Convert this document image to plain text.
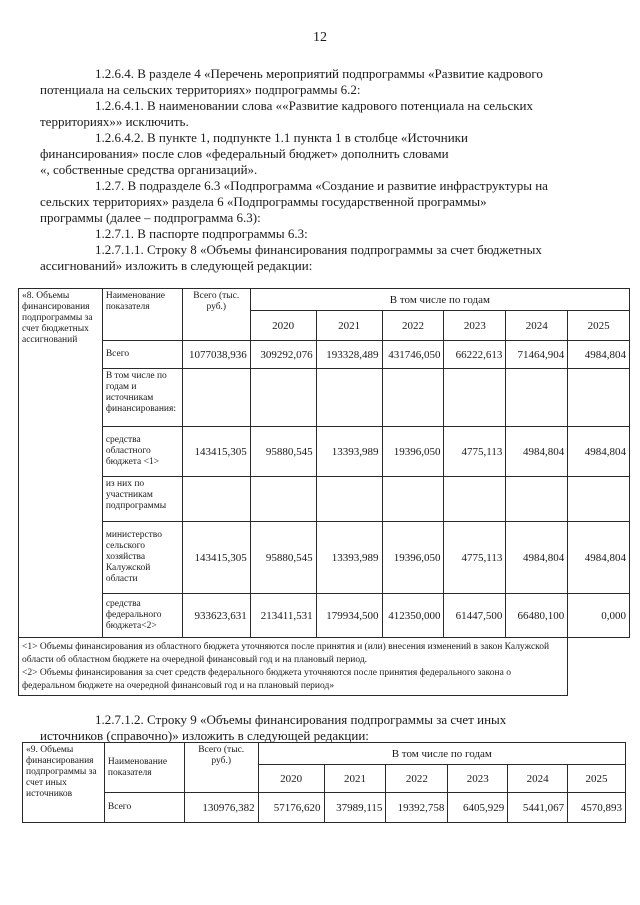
12
1.2.6.4. В разделе 4 «Перечень мероприятий подпрограммы «Развитие кадрового
потенциала на сельских территориях» подпрограммы 6.2:
1.2.6.4.1. В наименовании слова ««Развитие кадрового потенциала на сельских
территориях»» исключить.
1.2.6.4.2. В пункте 1, подпункте 1.1 пункта 1 в столбце «Источники
финансирования» после слов «федеральный бюджет» дополнить словами
«, собственные средства организаций».
1.2.7. В подразделе 6.3 «Подпрограмма «Создание и развитие инфраструктуры на
сельских территориях» раздела 6 «Подпрограммы государственной программы»
программы (далее – подпрограмма 6.3):
1.2.7.1. В паспорте подпрограммы 6.3:
1.2.7.1.1. Строку 8 «Объемы финансирования подпрограммы за счет бюджетных
ассигнований» изложить в следующей редакции:
«8. Объемы финансирования подпрограммы за счет бюджетных ассигнований	Наименование показателя	Всего (тыс. руб.)	В том числе по годам					
			2020	2021	2022	2023	2024	2025
	Всего	1077038,936	309292,076	193328,489	431746,050	66222,613	71464,904	4984,804
	В том числе по годам и источникам финансирования:							
	средства областного бюджета <1>	143415,305	95880,545	13393,989	19396,050	4775,113	4984,804	4984,804
	из них по участникам подпрограммы							
	министерство сельского хозяйства Калужской области	143415,305	95880,545	13393,989	19396,050	4775,113	4984,804	4984,804
	средства федерального бюджета<2>	933623,631	213411,531	179934,500	412350,000	61447,500	66480,100	0,000

<1> Объемы финансирования из областного бюджета уточняются после принятия и (или) внесения изменений в закон Калужской области об областном бюджете на очередной финансовый год и на плановый период.
<2> Объемы финансирования за счет средств федерального бюджета уточняются после принятия федерального закона о федеральном бюджете на очередной финансовый год и на плановый период»								
1.2.7.1.2. Строку 9 «Объемы финансирования подпрограммы за счет иных
источников (справочно)» изложить в следующей редакции:
«9. Объемы финансирования подпрограммы за счет иных источников	Наименование показателя	Всего (тыс. руб.)	В том числе по годам					
			2020	2021	2022	2023	2024	2025
	Всего	130976,382	57176,620	37989,115	19392,758	6405,929	5441,067	4570,893
